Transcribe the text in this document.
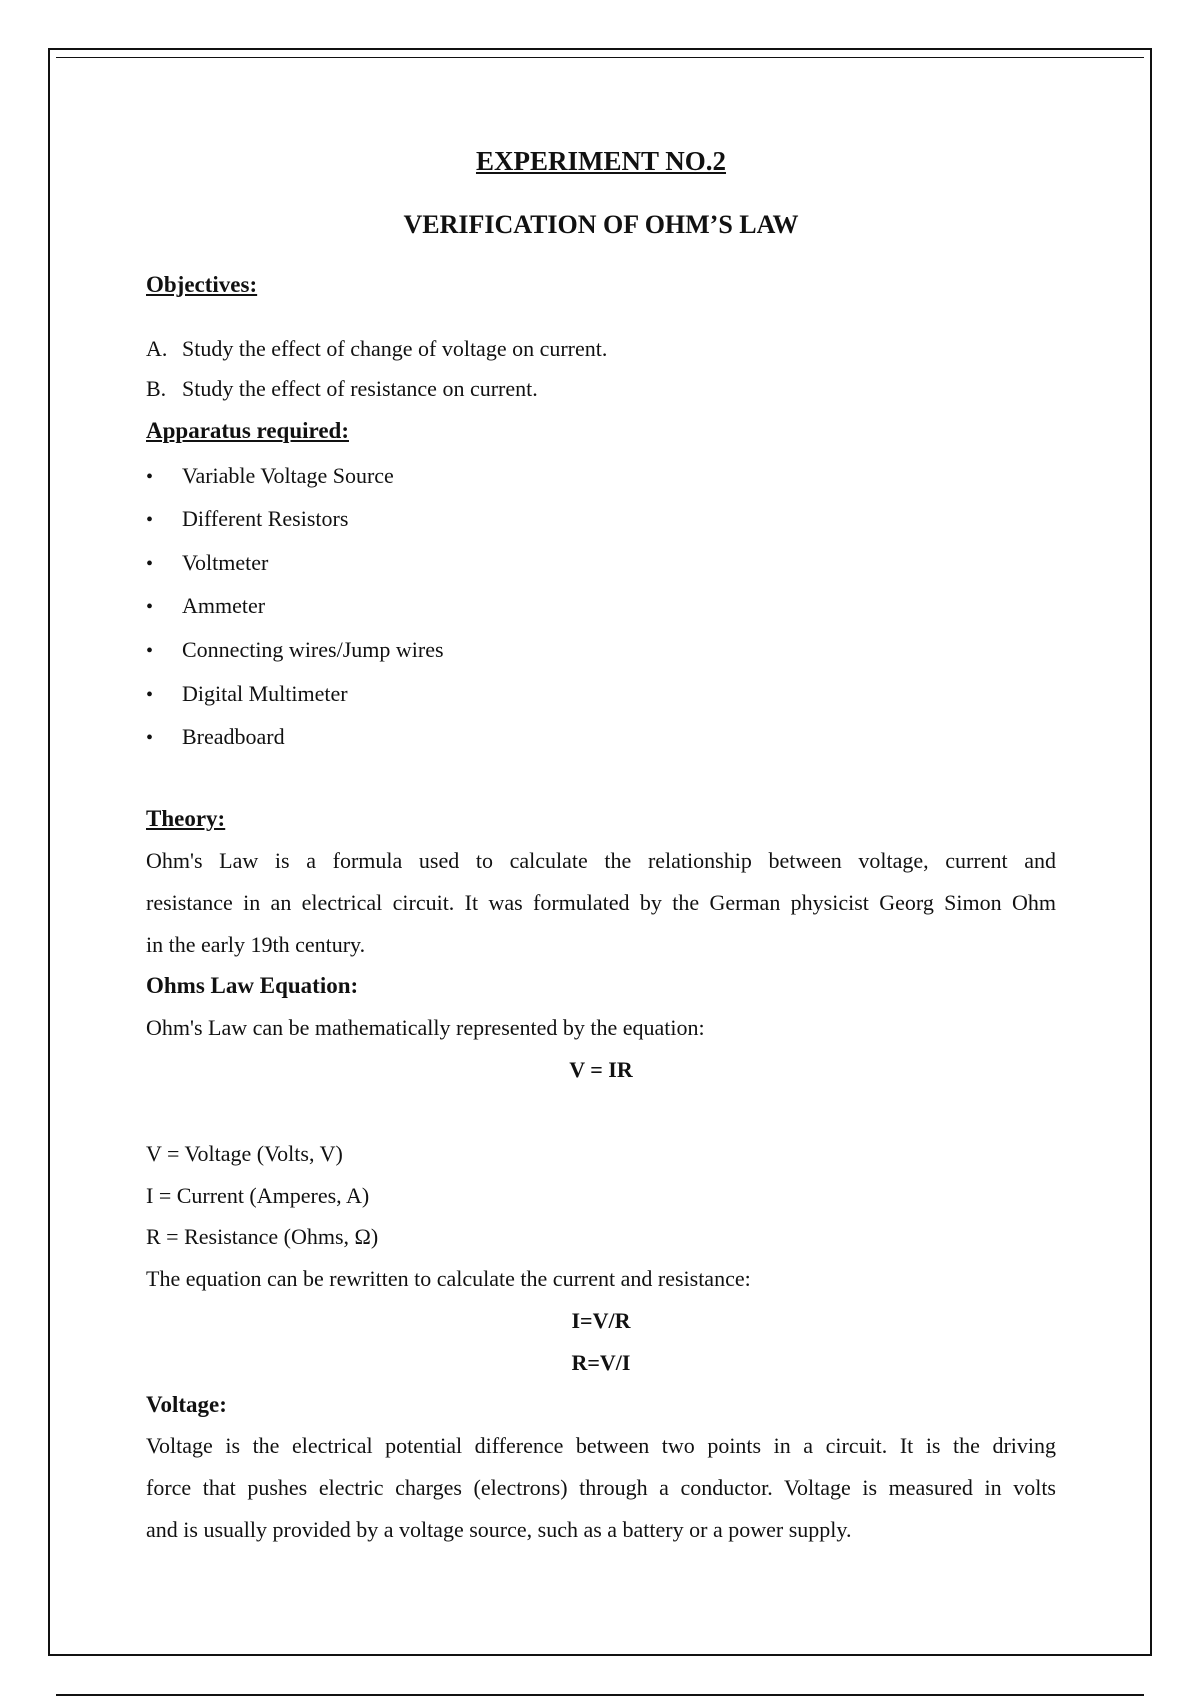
EXPERIMENT NO.2
VERIFICATION OF OHM’S LAW
Objectives:
A. Study the effect of change of voltage on current.
B. Study the effect of resistance on current.
Apparatus required:
• Variable Voltage Source
• Different Resistors
• Voltmeter
• Ammeter
• Connecting wires/Jump wires
• Digital Multimeter
• Breadboard
Theory:
Ohm's Law is a formula used to calculate the relationship between voltage, current and
resistance in an electrical circuit. It was formulated by the German physicist Georg Simon Ohm
in the early 19th century.
Ohms Law Equation:
Ohm's Law can be mathematically represented by the equation:
V = IR
V = Voltage (Volts, V)
I = Current (Amperes, A)
R = Resistance (Ohms, Ω)
The equation can be rewritten to calculate the current and resistance:
I=V/R
R=V/I
Voltage:
Voltage is the electrical potential difference between two points in a circuit. It is the driving
force that pushes electric charges (electrons) through a conductor. Voltage is measured in volts
and is usually provided by a voltage source, such as a battery or a power supply.
